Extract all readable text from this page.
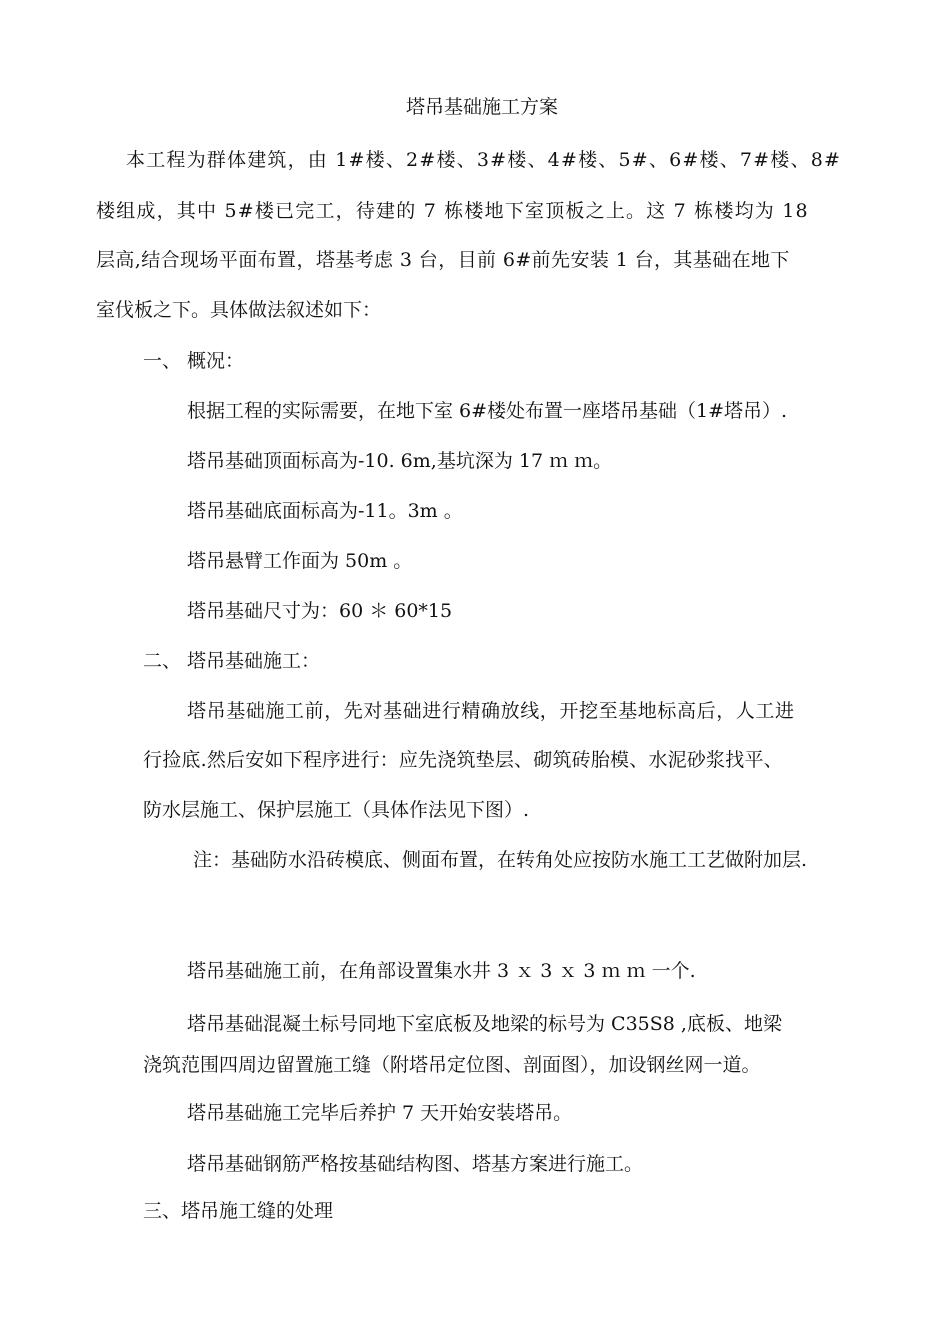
塔吊基础施工方案
本工程为群体建筑，由 1#楼、2#楼、3#楼、4#楼、5#、6#楼、7#楼、8#
楼组成，其中 5#楼已完工，待建的 7 栋楼地下室顶板之上。这 7 栋楼均为 18
层高,结合现场平面布置，塔基考虑 3 台，目前 6#前先安装 1 台，其基础在地下
室伐板之下。具体做法叙述如下：
一、 概况：
根据工程的实际需要，在地下室 6#楼处布置一座塔吊基础（1#塔吊）.
塔吊基础顶面标高为-10. 6m,基坑深为 17 ｍ ｍ。
塔吊基础底面标高为-11。3m 。
塔吊悬臂工作面为 50m 。
塔吊基础尺寸为：60 ＊ 60*15
二、 塔吊基础施工：
塔吊基础施工前，先对基础进行精确放线，开挖至基地标高后，人工进
行捡底.然后安如下程序进行：应先浇筑垫层、砌筑砖胎模、水泥砂浆找平、
防水层施工、保护层施工（具体作法见下图）.
注：基础防水沿砖模底、侧面布置，在转角处应按防水施工工艺做附加层.
塔吊基础施工前，在角部设置集水井 3 ｘ 3 ｘ 3 ｍ ｍ 一个.
塔吊基础混凝土标号同地下室底板及地梁的标号为 C35S8 ,底板、地梁
浇筑范围四周边留置施工缝（附塔吊定位图、剖面图），加设钢丝网一道。
塔吊基础施工完毕后养护 7 天开始安装塔吊。
塔吊基础钢筋严格按基础结构图、塔基方案进行施工。
三、塔吊施工缝的处理
